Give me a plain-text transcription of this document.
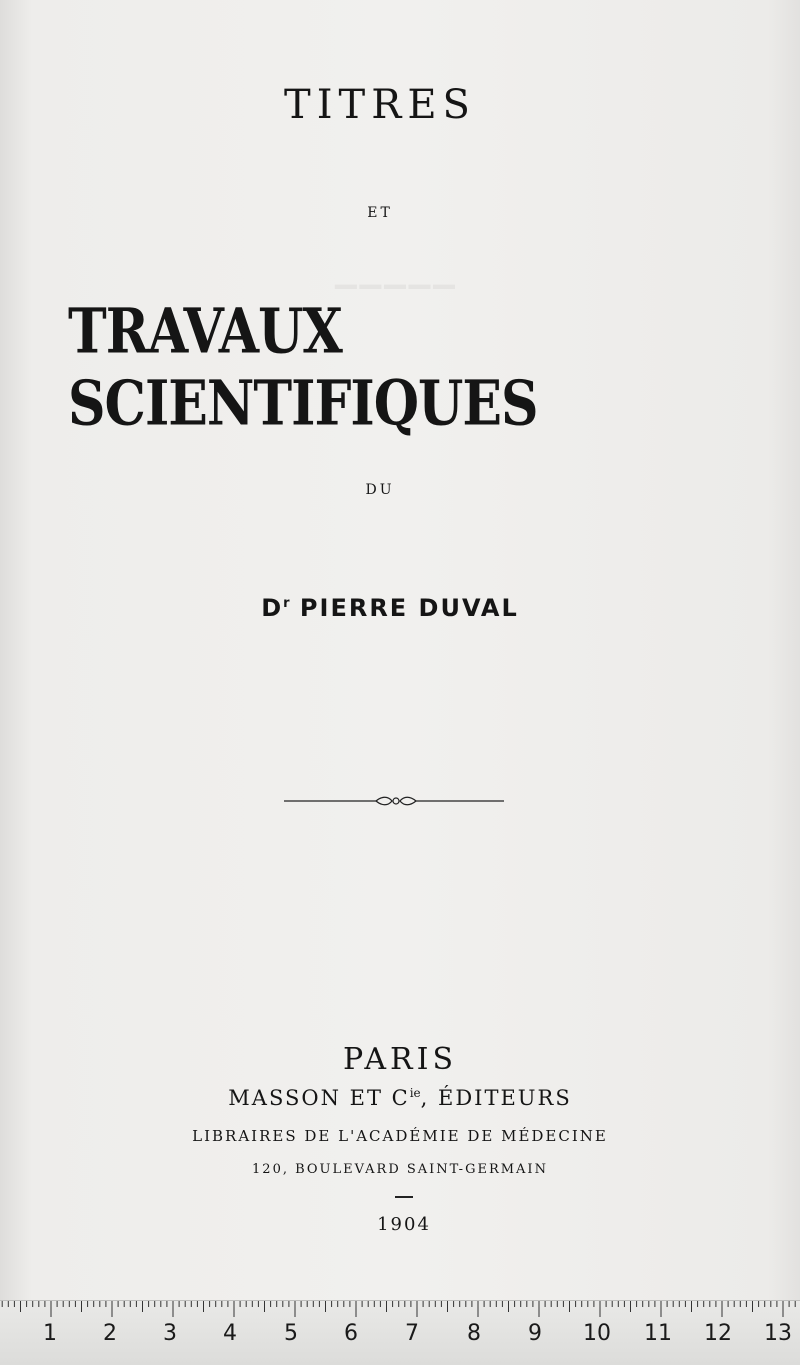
▁▁▁▁▁
TITRES
ET
TRAVAUX SCIENTIFIQUES
DU
$D^r$ PIERRE DUVAL
PARIS
MASSON ET $C^{ie}$, ÉDITEURS
LIBRAIRES DE L'ACADÉMIE DE MÉDECINE
120, BOULEVARD SAINT-GERMAIN
1904
1	2	3	4	5	6	7	8	9	10 11 12 13
